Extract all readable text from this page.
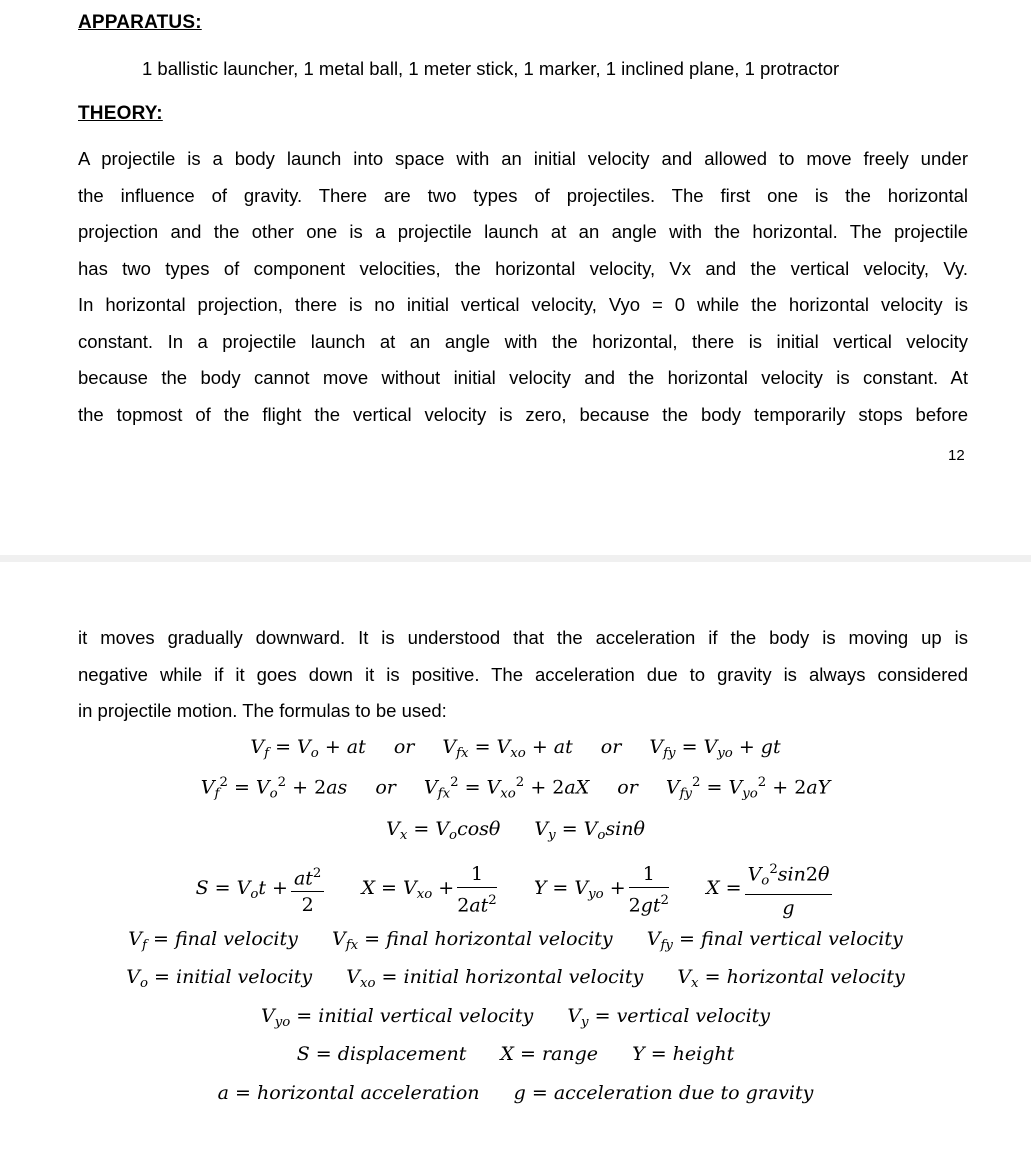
APPARATUS:
1 ballistic launcher, 1 metal ball, 1 meter stick, 1 marker, 1 inclined plane, 1 protractor
THEORY:
A projectile is a body launch into space with an initial velocity and allowed to move freely under
the influence of gravity. There are two types of projectiles. The first one is the horizontal
projection and the other one is a projectile launch at an angle with the horizontal. The projectile
has two types of component velocities, the horizontal velocity, Vx and the vertical velocity, Vy.
In horizontal projection, there is no initial vertical velocity, Vyo = 0 while the horizontal velocity is
constant. In a projectile launch at an angle with the horizontal, there is initial vertical velocity
because the body cannot move without initial velocity and the horizontal velocity is constant. At
the topmost of the flight the vertical velocity is zero, because the body temporarily stops before
12
it moves gradually downward. It is understood that the acceleration if the body is moving up is
negative while if it goes down it is positive. The acceleration due to gravity is always considered
in projectile motion. The formulas to be used:
$V_f = V_o$ + at or $V_{fx} = V_{xo}$ + at or $V_{fy} = V_{yo}$ + gt
$V_f^2 = V_o^2 + 2as$ or $V_{fx}^2 = V_{xo}^2 + 2aX$ or $V_{fy}^2 = V_{yo}^2 + 2aY$
$V_x = V_o\cos\theta$  $V_y = V_o\sin\theta$
$S = V_ot + \frac{at^2}{2}$ $X = V_{xo} + \frac{1}{2at^2}$ $Y = V_{yo} + \frac{1}{2gt^2}$ $X = \frac{V_o^2\sin 2\theta}{g}$
$V_f$ = final velocity  $V_{fx}$ = final horizontal velocity  $V_{fy}$ = final vertical velocity
$V_o$ = initial velocity  $V_{xo}$ = initial horizontal velocity  $V_x$ = horizontal velocity
$V_{yo}$ = initial vertical velocity  $V_y$ = vertical velocity
S = displacement  X = range  Y = height
a = horizontal acceleration  g = acceleration due to gravity
